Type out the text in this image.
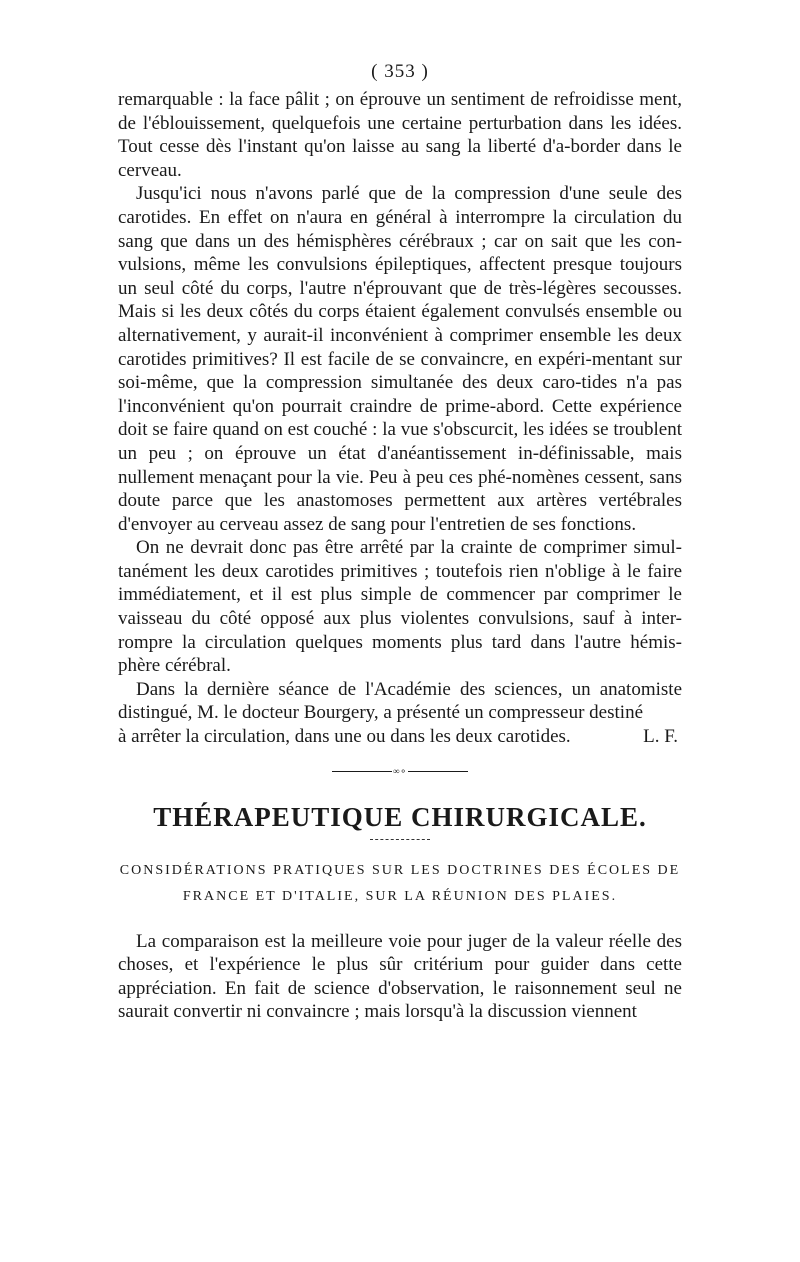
( 353 )

remarquable : la face pâlit ; on éprouve un sentiment de refroidisse ment, de l'éblouissement, quelquefois une certaine perturbation dans les idées. Tout cesse dès l'instant qu'on laisse au sang la liberté d'a-border dans le cerveau.

Jusqu'ici nous n'avons parlé que de la compression d'une seule des carotides. En effet on n'aura en général à interrompre la circulation du sang que dans un des hémisphères cérébraux ; car on sait que les con-vulsions, même les convulsions épileptiques, affectent presque toujours un seul côté du corps, l'autre n'éprouvant que de très-légères secousses. Mais si les deux côtés du corps étaient également convulsés ensemble ou alternativement, y aurait-il inconvénient à comprimer ensemble les deux carotides primitives? Il est facile de se convaincre, en expéri-mentant sur soi-même, que la compression simultanée des deux caro-tides n'a pas l'inconvénient qu'on pourrait craindre de prime-abord. Cette expérience doit se faire quand on est couché : la vue s'obscurcit, les idées se troublent un peu ; on éprouve un état d'anéantissement in-définissable, mais nullement menaçant pour la vie. Peu à peu ces phé-nomènes cessent, sans doute parce que les anastomoses permettent aux artères vertébrales d'envoyer au cerveau assez de sang pour l'entretien de ses fonctions.

On ne devrait donc pas être arrêté par la crainte de comprimer simul-tanément les deux carotides primitives ; toutefois rien n'oblige à le faire immédiatement, et il est plus simple de commencer par comprimer le vaisseau du côté opposé aux plus violentes convulsions, sauf à inter-rompre la circulation quelques moments plus tard dans l'autre hémis-phère cérébral.

Dans la dernière séance de l'Académie des sciences, un anatomiste distingué, M. le docteur Bourgery, a présenté un compresseur destiné

à arrêter la circulation, dans une ou dans les deux carotides.	L. F.
∞⚬
THÉRAPEUTIQUE CHIRURGICALE.
CONSIDÉRATIONS PRATIQUES SUR LES DOCTRINES DES ÉCOLES DE
FRANCE ET D'ITALIE, SUR LA RÉUNION DES PLAIES.

La comparaison est la meilleure voie pour juger de la valeur réelle des choses, et l'expérience le plus sûr critérium pour guider dans cette appréciation. En fait de science d'observation, le raisonnement seul ne saurait convertir ni convaincre ; mais lorsqu'à la discussion viennent
